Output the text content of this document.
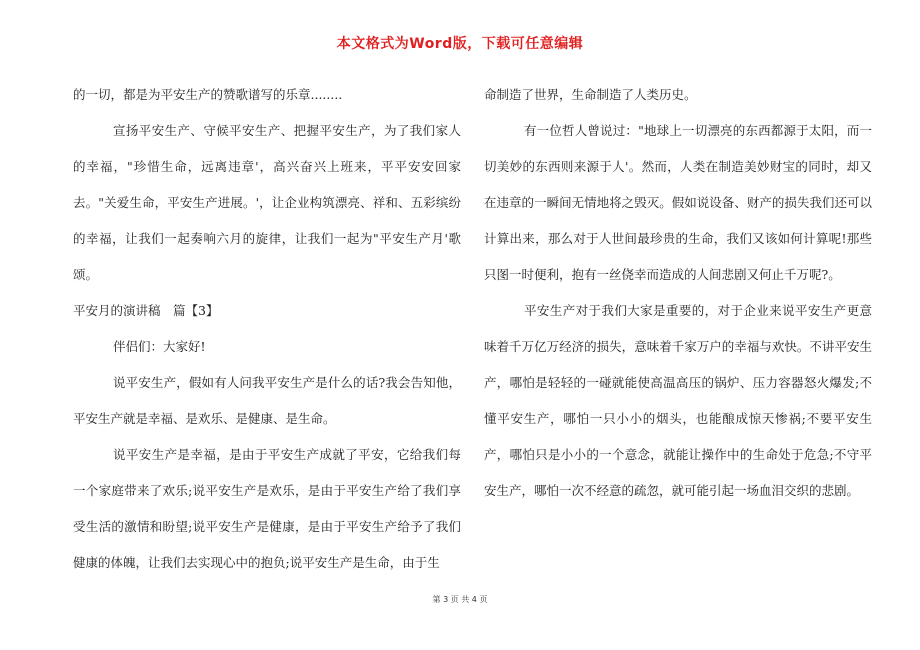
本文格式为Word版，下载可任意编辑

的一切，都是为平安生产的赞歌谱写的乐章........

宣扬平安生产、守候平安生产、把握平安生产，为了我们家人的幸福，"珍惜生命，远离违章'，高兴奋兴上班来，平平安安回家去。"关爱生命，平安生产进展。'，让企业构筑漂亮、祥和、五彩缤纷的幸福，让我们一起奏响六月的旋律，让我们一起为"平安生产月'歌颂。

平安月的演讲稿　篇【3】

伴侣们：大家好!

说平安生产，假如有人问我平安生产是什么的话?我会告知他，平安生产就是幸福、是欢乐、是健康、是生命。

说平安生产是幸福，是由于平安生产成就了平安，它给我们每一个家庭带来了欢乐;说平安生产是欢乐，是由于平安生产给了我们享受生活的激情和盼望;说平安生产是健康，是由于平安生产给予了我们健康的体魄，让我们去实现心中的抱负;说平安生产是生命，由于生

命制造了世界，生命制造了人类历史。

有一位哲人曾说过："地球上一切漂亮的东西都源于太阳，而一切美妙的东西则来源于人'。然而，人类在制造美妙财宝的同时，却又在违章的一瞬间无情地将之毁灭。假如说设备、财产的损失我们还可以计算出来，那么对于人世间最珍贵的生命，我们又该如何计算呢!那些只图一时便利，抱有一丝侥幸而造成的人间悲剧又何止千万呢?。

平安生产对于我们大家是重要的，对于企业来说平安生产更意味着千万亿万经济的损失，意味着千家万户的幸福与欢快。不讲平安生产，哪怕是轻轻的一碰就能使高温高压的锅炉、压力容器怒火爆发;不懂平安生产，哪怕一只小小的烟头，也能酿成惊天惨祸;不要平安生产，哪怕只是小小的一个意念，就能让操作中的生命处于危急;不守平安生产，哪怕一次不经意的疏忽，就可能引起一场血泪交织的悲剧。

第 3 页 共 4 页
